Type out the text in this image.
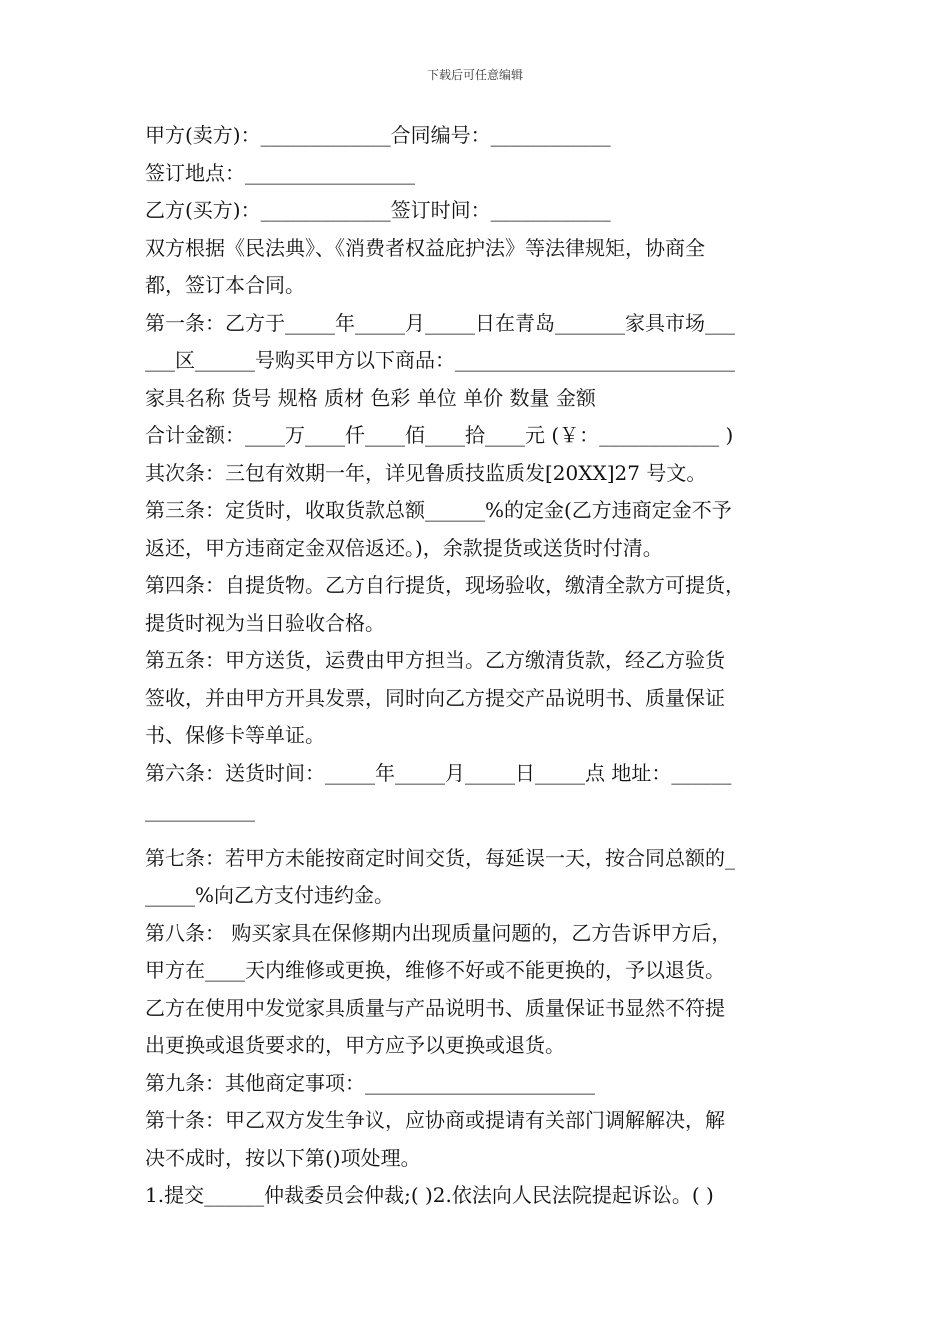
下载后可任意编辑
甲方(卖方)：_____________合同编号：____________
签订地点：_________________
乙方(买方)：_____________签订时间：____________
双方根据《民法典》、《消费者权益庇护法》等法律规矩，协商全
都，签订本合同。
第一条：乙方于_____年_____月_____日在青岛_______家具市场___
___区______号购买甲方以下商品：____________________________
家具名称 货号 规格 质材 色彩 单位 单价 数量 金额
合计金额：____万____仟____佰____拾____元 (￥：____________ )
其次条：三包有效期一年，详见鲁质技监质发[20XX]27 号文。
第三条：定货时，收取货款总额______%的定金(乙方违商定金不予
返还，甲方违商定金双倍返还。)，余款提货或送货时付清。
第四条：自提货物。乙方自行提货，现场验收，缴清全款方可提货，
提货时视为当日验收合格。
第五条：甲方送货，运费由甲方担当。乙方缴清货款，经乙方验货
签收，并由甲方开具发票，同时向乙方提交产品说明书、质量保证
书、保修卡等单证。
第六条：送货时间：_____年_____月_____日_____点 地址：______
___________
第七条：若甲方未能按商定时间交货，每延误一天，按合同总额的_
_____%向乙方支付违约金。
第八条： 购买家具在保修期内出现质量问题的，乙方告诉甲方后，
甲方在____天内维修或更换，维修不好或不能更换的，予以退货。
乙方在使用中发觉家具质量与产品说明书、质量保证书显然不符提
出更换或退货要求的，甲方应予以更换或退货。
第九条：其他商定事项：_______________________
第十条：甲乙双方发生争议，应协商或提请有关部门调解解决，解
决不成时，按以下第()项处理。
1.提交______仲裁委员会仲裁;( )2.依法向人民法院提起诉讼。( )
